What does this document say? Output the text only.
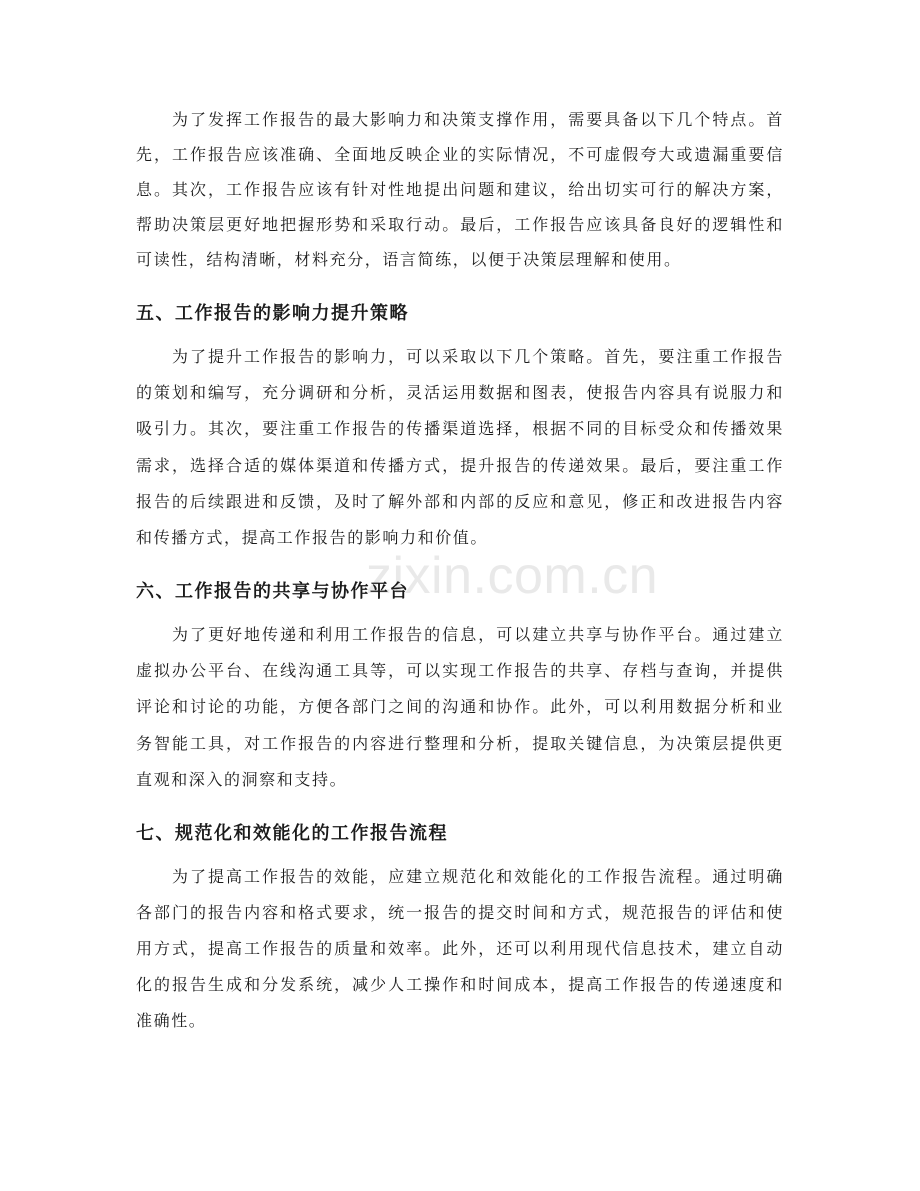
zixin.com.cn
为了发挥工作报告的最大影响力和决策支撑作用，需要具备以下几个特点。首
先，工作报告应该准确、全面地反映企业的实际情况，不可虚假夸大或遗漏重要信
息。其次，工作报告应该有针对性地提出问题和建议，给出切实可行的解决方案，
帮助决策层更好地把握形势和采取行动。最后，工作报告应该具备良好的逻辑性和
可读性，结构清晰，材料充分，语言简练，以便于决策层理解和使用。
五、工作报告的影响力提升策略
为了提升工作报告的影响力，可以采取以下几个策略。首先，要注重工作报告
的策划和编写，充分调研和分析，灵活运用数据和图表，使报告内容具有说服力和
吸引力。其次，要注重工作报告的传播渠道选择，根据不同的目标受众和传播效果
需求，选择合适的媒体渠道和传播方式，提升报告的传递效果。最后，要注重工作
报告的后续跟进和反馈，及时了解外部和内部的反应和意见，修正和改进报告内容
和传播方式，提高工作报告的影响力和价值。
六、工作报告的共享与协作平台
为了更好地传递和利用工作报告的信息，可以建立共享与协作平台。通过建立
虚拟办公平台、在线沟通工具等，可以实现工作报告的共享、存档与查询，并提供
评论和讨论的功能，方便各部门之间的沟通和协作。此外，可以利用数据分析和业
务智能工具，对工作报告的内容进行整理和分析，提取关键信息，为决策层提供更
直观和深入的洞察和支持。
七、规范化和效能化的工作报告流程
为了提高工作报告的效能，应建立规范化和效能化的工作报告流程。通过明确
各部门的报告内容和格式要求，统一报告的提交时间和方式，规范报告的评估和使
用方式，提高工作报告的质量和效率。此外，还可以利用现代信息技术，建立自动
化的报告生成和分发系统，减少人工操作和时间成本，提高工作报告的传递速度和
准确性。
